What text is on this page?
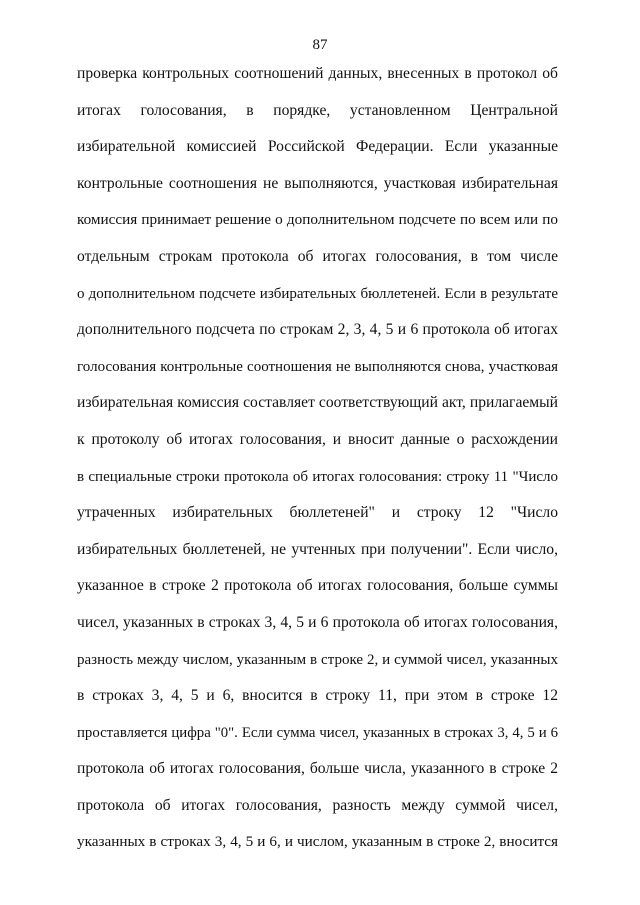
87
проверка контрольных соотношений данных, внесенных в протокол об
итогах голосования, в порядке, установленном Центральной
избирательной комиссией Российской Федерации. Если указанные
контрольные соотношения не выполняются, участковая избирательная
комиссия принимает решение о дополнительном подсчете по всем или по
отдельным строкам протокола об итогах голосования, в том числе
о дополнительном подсчете избирательных бюллетеней. Если в результате
дополнительного подсчета по строкам 2, 3, 4, 5 и 6 протокола об итогах
голосования контрольные соотношения не выполняются снова, участковая
избирательная комиссия составляет соответствующий акт, прилагаемый
к протоколу об итогах голосования, и вносит данные о расхождении
в специальные строки протокола об итогах голосования: строку 11 "Число
утраченных избирательных бюллетеней" и строку 12 "Число
избирательных бюллетеней, не учтенных при получении". Если число,
указанное в строке 2 протокола об итогах голосования, больше суммы
чисел, указанных в строках 3, 4, 5 и 6 протокола об итогах голосования,
разность между числом, указанным в строке 2, и суммой чисел, указанных
в строках 3, 4, 5 и 6, вносится в строку 11, при этом в строке 12
проставляется цифра "0". Если сумма чисел, указанных в строках 3, 4, 5 и 6
протокола об итогах голосования, больше числа, указанного в строке 2
протокола об итогах голосования, разность между суммой чисел,
указанных в строках 3, 4, 5 и 6, и числом, указанным в строке 2, вносится
